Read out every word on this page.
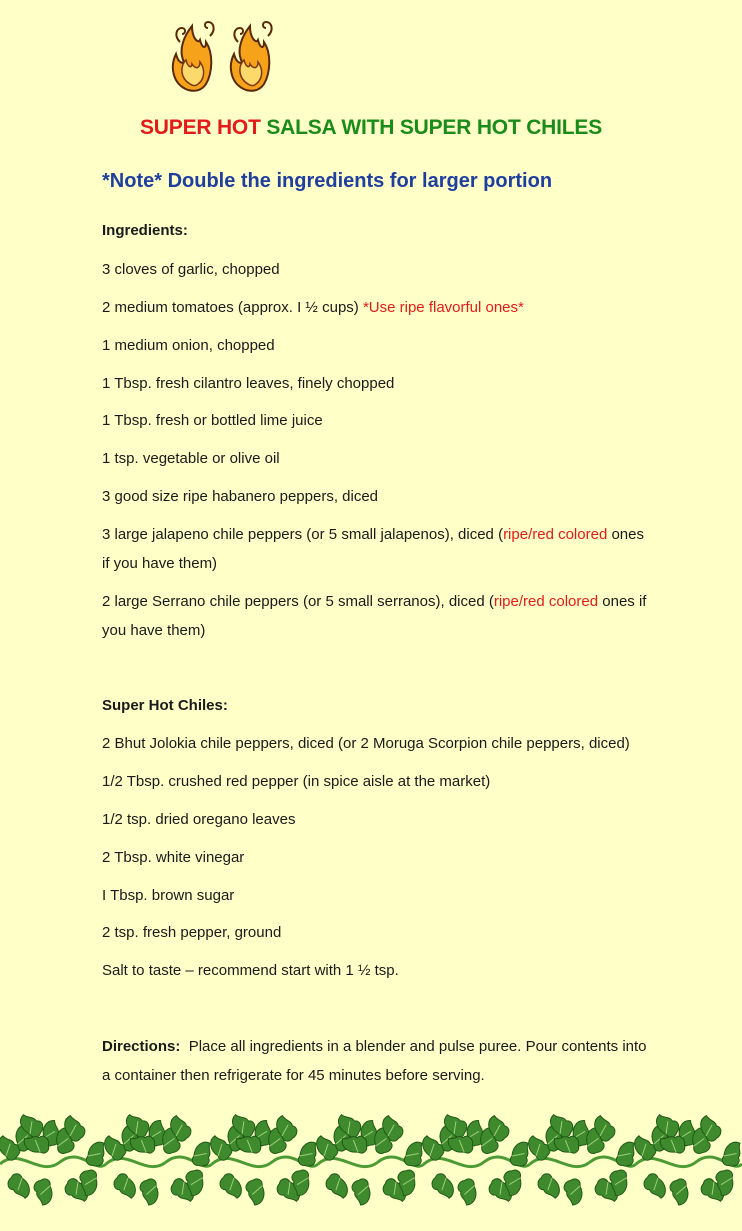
SUPER HOT SALSA WITH SUPER HOT CHILES

*Note* Double the ingredients for larger portion

Ingredients:

3 cloves of garlic, chopped

2 medium tomatoes (approx. I ½ cups) *Use ripe flavorful ones*

1 medium onion, chopped

1 Tbsp. fresh cilantro leaves, finely chopped

1 Tbsp. fresh or bottled lime juice

1 tsp. vegetable or olive oil

3 good size ripe habanero peppers, diced

3 large jalapeno chile peppers (or 5 small jalapenos), diced (ripe/red colored ones if you have them)

2 large Serrano chile peppers (or 5 small serranos), diced (ripe/red colored ones if you have them)

Super Hot Chiles:

2 Bhut Jolokia chile peppers, diced (or 2 Moruga Scorpion chile peppers, diced)

1/2 Tbsp. crushed red pepper (in spice aisle at the market)

1/2 tsp. dried oregano leaves

2 Tbsp. white vinegar

I Tbsp. brown sugar

2 tsp. fresh pepper, ground

Salt to taste – recommend start with 1 ½ tsp.

Directions: Place all ingredients in a blender and pulse puree. Pour contents into a container then refrigerate for 45 minutes before serving.
